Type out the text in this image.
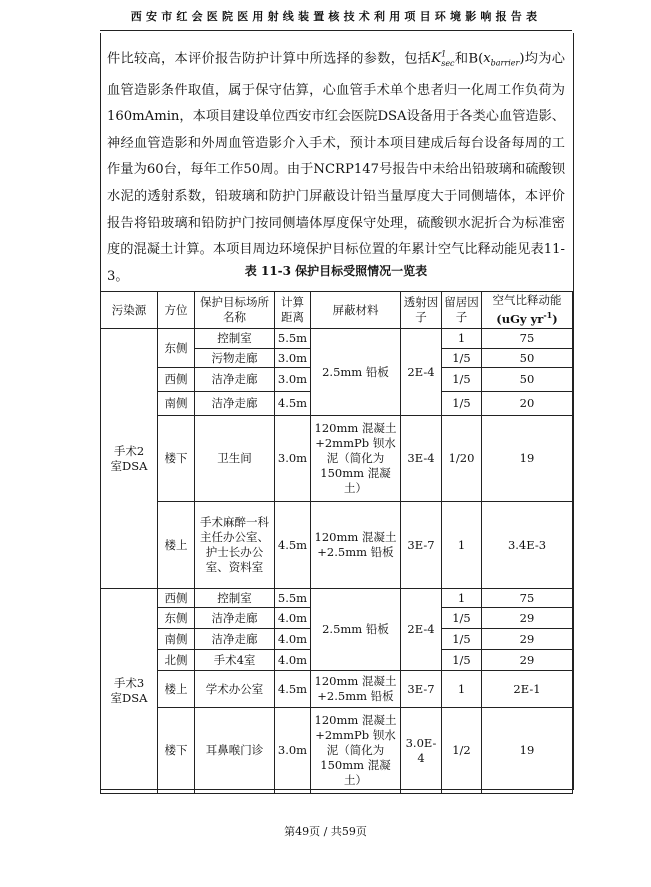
西安市红会医院医用射线装置核技术利用项目环境影响报告表

件比较高，本评价报告防护计算中所选择的参数，包括$K^1_{sec}$和$B(x_{barrier})$均为心血管造影条件取值，属于保守估算，心血管手术单个患者归一化周工作负荷为160mAmin，本项目建设单位西安市红会医院DSA设备用于各类心血管造影、神经血管造影和外周血管造影介入手术，预计本项目建成后每台设备每周的工作量为60台，每年工作50周。由于NCRP147号报告中未给出铅玻璃和硫酸钡水泥的透射系数，铅玻璃和防护门屏蔽设计铅当量厚度大于同侧墙体，本评价报告将铅玻璃和铅防护门按同侧墙体厚度保守处理，硫酸钡水泥折合为标准密度的混凝土计算。本项目周边环境保护目标位置的年累计空气比释动能见表11-3。	表 11-3 保护目标受照情况一览表

污染源	方位	保护目标场所名称	计算距离	屏蔽材料	透射因子	留居因子	空气比释动能
(uGy $yr^{-1}$)
手术2室DSA	东侧	控制室	5.5m	2.5mm 铅板	2E-4	1	75
		污物走廊	3.0m			1/5	50
	西侧	洁净走廊	3.0m			1/5	50
	南侧	洁净走廊	4.5m			1/5	20
	楼下	卫生间	3.0m	120mm 混凝土+2mmPb 钡水泥（简化为150mm 混凝土）	3E-4	1/20	19
	楼上	手术麻醉一科主任办公室、护士长办公室、资料室	4.5m	120mm 混凝土+2.5mm 铅板	3E-7	1	3.4E-3
手术3室DSA	西侧	控制室	5.5m	2.5mm 铅板	2E-4	1	75
	东侧	洁净走廊	4.0m			1/5	29
	南侧	洁净走廊	4.0m			1/5	29
	北侧	手术4室	4.0m			1/5	29
	楼上	学术办公室	4.5m	120mm 混凝土+2.5mm 铅板	3E-7	1	2E-1
	楼下	耳鼻喉门诊	3.0m	120mm 混凝土+2mmPb 钡水泥（简化为150mm 混凝土）	3.0E-4	1/2	19
第49页 / 共59页
